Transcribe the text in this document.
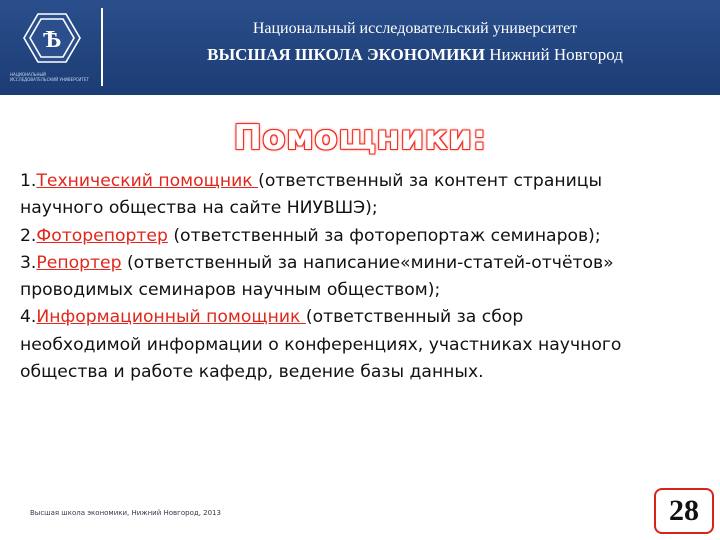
Ѣ
НАЦИОНАЛЬНЫЙ ИССЛЕДОВАТЕЛЬСКИЙ УНИВЕРСИТЕТ
Национальный исследовательский университет
ВЫСШАЯ ШКОЛА ЭКОНОМИКИ Нижний Новгород
Помощники:

1.Технический помощник (ответственный за контент страницы научного общества на сайте НИУВШЭ);

2.Фоторепортер (ответственный за фоторепортаж семинаров);

3.Репортер (ответственный за написание«мини-статей-отчётов» проводимых семинаров научным обществом);

4.Информационный помощник (ответственный за сбор необходимой информации о конференциях, участниках научного общества и работе кафедр, ведение базы данных.

Высшая школа экономики, Нижний Новгород, 2013	28
